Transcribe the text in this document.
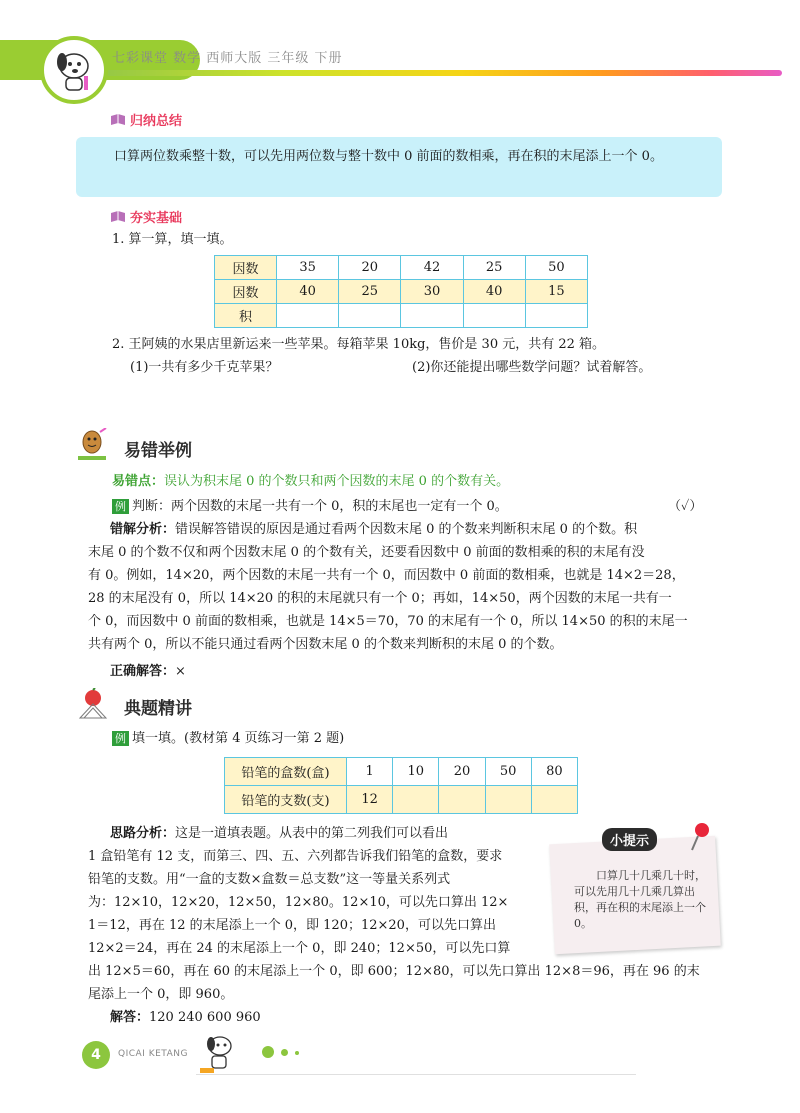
七彩课堂 数学 西师大版 三年级 下册
归纳总结
口算两位数乘整十数，可以先用两位数与整十数中 0 前面的数相乘，再在积的末尾添上一个 0。
夯实基础
1. 算一算，填一填。
因数	35	20	42	25	50
因数	40	25	30	40	15
积					
2. 王阿姨的水果店里新运来一些苹果。每箱苹果 10kg，售价是 30 元，共有 22 箱。
(1)一共有多少千克苹果？	(2)你还能提出哪些数学问题？试着解答。
易错举例
易错点：误认为积末尾 0 的个数只和两个因数的末尾 0 的个数有关。
例 判断：两个因数的末尾一共有一个 0，积的末尾也一定有一个 0。	（✓）
错解分析：错误解答错误的原因是通过看两个因数末尾 0 的个数来判断积末尾 0 的个数。积
末尾 0 的个数不仅和两个因数末尾 0 的个数有关，还要看因数中 0 前面的数相乘的积的末尾有没
有 0。例如，14×20，两个因数的末尾一共有一个 0，而因数中 0 前面的数相乘，也就是 14×2＝28，
28 的末尾没有 0，所以 14×20 的积的末尾就只有一个 0；再如，14×50，两个因数的末尾一共有一
个 0，而因数中 0 前面的数相乘，也就是 14×5＝70，70 的末尾有一个 0，所以 14×50 的积的末尾一
共有两个 0，所以不能只通过看两个因数末尾 0 的个数来判断积的末尾 0 的个数。
正确解答：×
典题精讲
例 填一填。(教材第 4 页练习一第 2 题)
铅笔的盒数(盒)	1	10	20	50	80
铅笔的支数(支)	12				
思路分析：这是一道填表题。从表中的第二列我们可以看出
1 盒铅笔有 12 支，而第三、四、五、六列都告诉我们铅笔的盒数，要求
铅笔的支数。用“一盒的支数×盒数＝总支数”这一等量关系列式
为：12×10，12×20，12×50，12×80。12×10，可以先口算出 12×
1＝12，再在 12 的末尾添上一个 0，即 120；12×20，可以先口算出
12×2＝24，再在 24 的末尾添上一个 0，即 240；12×50，可以先口算
出 12×5＝60，再在 60 的末尾添上一个 0，即 600；12×80，可以先口算出 12×8＝96，再在 96 的末
尾添上一个 0，即 960。
解答：120 240 600 960
小提示
口算几十几乘几十时，可以先用几十几乘几算出积，再在积的末尾添上一个 0。
4	QICAI KETANG
